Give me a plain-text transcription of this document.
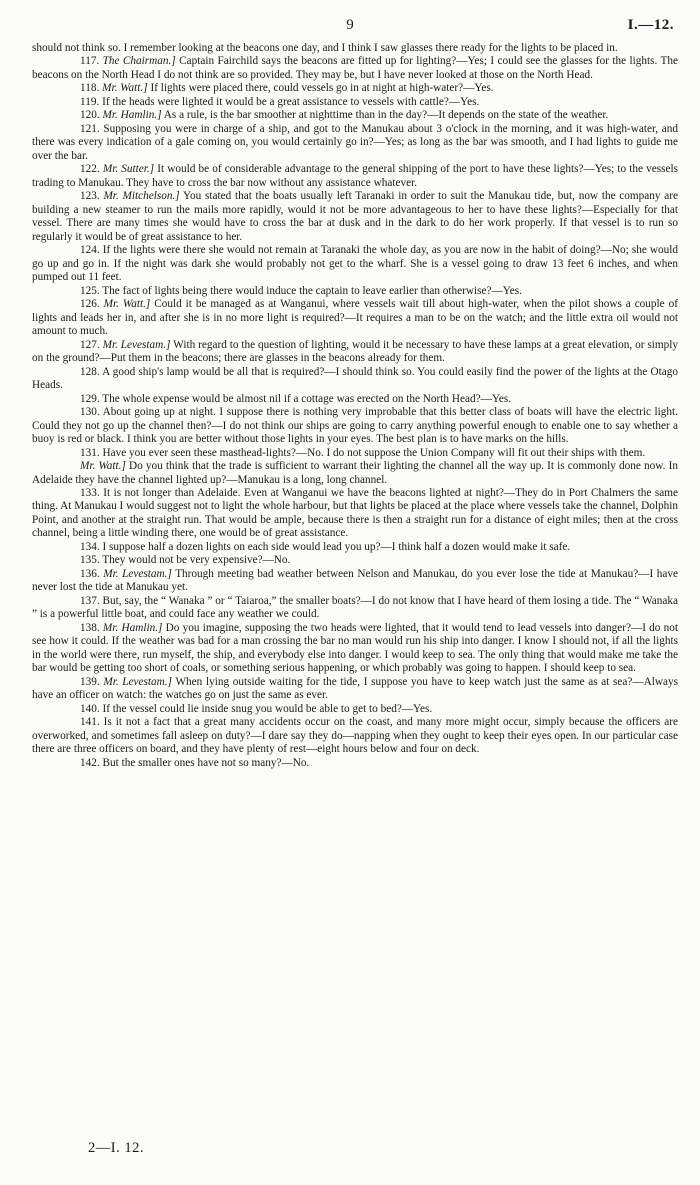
9	I.—12.

should not think so. I remember looking at the beacons one day, and I think I saw glasses there ready for the lights to be placed in.

117. The Chairman.] Captain Fairchild says the beacons are fitted up for lighting?—Yes; I could see the glasses for the lights. The beacons on the North Head I do not think are so provided. They may be, but I have never looked at those on the North Head.

118. Mr. Watt.] If lights were placed there, could vessels go in at night at high-water?—Yes.

119. If the heads were lighted it would be a great assistance to vessels with cattle?—Yes.

120. Mr. Hamlin.] As a rule, is the bar smoother at nighttime than in the day?—It depends on the state of the weather.

121. Supposing you were in charge of a ship, and got to the Manukau about 3 o'clock in the morning, and it was high-water, and there was every indication of a gale coming on, you would certainly go in?—Yes; as long as the bar was smooth, and I had lights to guide me over the bar.

122. Mr. Sutter.] It would be of considerable advantage to the general shipping of the port to have these lights?—Yes; to the vessels trading to Manukau. They have to cross the bar now without any assistance whatever.

123. Mr. Mitchelson.] You stated that the boats usually left Taranaki in order to suit the Manukau tide, but, now the company are building a new steamer to run the mails more rapidly, would it not be more advantageous to her to have these lights?—Especially for that vessel. There are many times she would have to cross the bar at dusk and in the dark to do her work properly. If that vessel is to run so regularly it would be of great assistance to her.

124. If the lights were there she would not remain at Taranaki the whole day, as you are now in the habit of doing?—No; she would go up and go in. If the night was dark she would probably not get to the wharf. She is a vessel going to draw 13 feet 6 inches, and when pumped out 11 feet.

125. The fact of lights being there would induce the captain to leave earlier than otherwise?—Yes.

126. Mr. Watt.] Could it be managed as at Wanganui, where vessels wait till about high-water, when the pilot shows a couple of lights and leads her in, and after she is in no more light is required?—It requires a man to be on the watch; and the little extra oil would not amount to much.

127. Mr. Levestam.] With regard to the question of lighting, would it be necessary to have these lamps at a great elevation, or simply on the ground?—Put them in the beacons; there are glasses in the beacons already for them.

128. A good ship's lamp would be all that is required?—I should think so. You could easily find the power of the lights at the Otago Heads.

129. The whole expense would be almost nil if a cottage was erected on the North Head?—Yes.

130. About going up at night. I suppose there is nothing very improbable that this better class of boats will have the electric light. Could they not go up the channel then?—I do not think our ships are going to carry anything powerful enough to enable one to say whether a buoy is red or black. I think you are better without those lights in your eyes. The best plan is to have marks on the hills.

131. Have you ever seen these masthead-lights?—No. I do not suppose the Union Company will fit out their ships with them.

Mr. Watt.] Do you think that the trade is sufficient to warrant their lighting the channel all the way up. It is commonly done now. In Adelaide they have the channel lighted up?—Manukau is a long, long channel.

133. It is not longer than Adelaide. Even at Wanganui we have the beacons lighted at night?—They do in Port Chalmers the same thing. At Manukau I would suggest not to light the whole harbour, but that lights be placed at the place where vessels take the channel, Dolphin Point, and another at the straight run. That would be ample, because there is then a straight run for a distance of eight miles; then at the cross channel, being a little winding there, one would be of great assistance.

134. I suppose half a dozen lights on each side would lead you up?—I think half a dozen would make it safe.

135. They would not be very expensive?—No.

136. Mr. Levestam.] Through meeting bad weather between Nelson and Manukau, do you ever lose the tide at Manukau?—I have never lost the tide at Manukau yet.

137. But, say, the “ Wanaka ” or “ Taiaroa,” the smaller boats?—I do not know that I have heard of them losing a tide. The “ Wanaka ” is a powerful little boat, and could face any weather we could.

138. Mr. Hamlin.] Do you imagine, supposing the two heads were lighted, that it would tend to lead vessels into danger?—I do not see how it could. If the weather was bad for a man crossing the bar no man would run his ship into danger. I know I should not, if all the lights in the world were there, run myself, the ship, and everybody else into danger. I would keep to sea. The only thing that would make me take the bar would be getting too short of coals, or something serious happening, or which probably was going to happen. I should keep to sea.

139. Mr. Levestam.] When lying outside waiting for the tide, I suppose you have to keep watch just the same as at sea?—Always have an officer on watch: the watches go on just the same as ever.

140. If the vessel could lie inside snug you would be able to get to bed?—Yes.

141. Is it not a fact that a great many accidents occur on the coast, and many more might occur, simply because the officers are overworked, and sometimes fall asleep on duty?—I dare say they do—napping when they ought to keep their eyes open. In our particular case there are three officers on board, and they have plenty of rest—eight hours below and four on deck.

142. But the smaller ones have not so many?—No.

2—I. 12.
